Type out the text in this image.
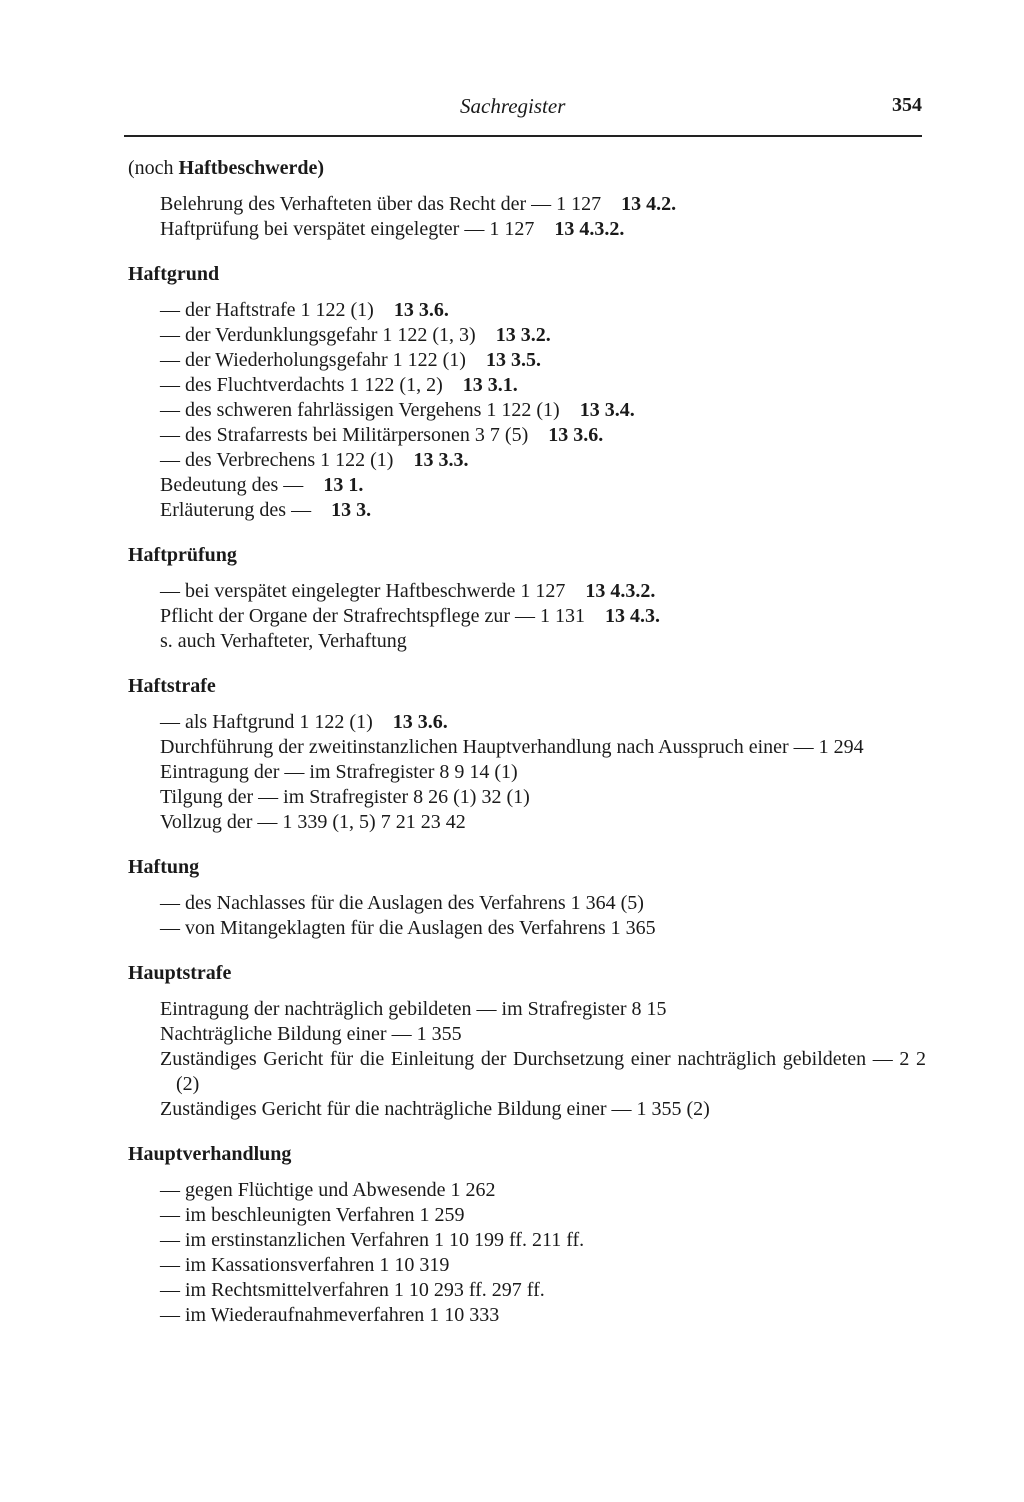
Sachregister	354
(noch Haftbeschwerde)
Belehrung des Verhafteten über das Recht der — 1 127  13 4.2.
Haftprüfung bei verspätet eingelegter — 1 127  13 4.3.2.
Haftgrund
— der Haftstrafe 1 122 (1)  13 3.6.
— der Verdunklungsgefahr 1 122 (1, 3)  13 3.2.
— der Wiederholungsgefahr 1 122 (1)  13 3.5.
— des Fluchtverdachts 1 122 (1, 2)  13 3.1.
— des schweren fahrlässigen Vergehens 1 122 (1)  13 3.4.
— des Strafarrests bei Militärpersonen 3 7 (5)  13 3.6.
— des Verbrechens 1 122 (1)  13 3.3.
Bedeutung des —  13 1.
Erläuterung des —  13 3.
Haftprüfung
— bei verspätet eingelegter Haftbeschwerde 1 127  13 4.3.2.
Pflicht der Organe der Strafrechtspflege zur — 1 131  13 4.3.
s. auch Verhafteter, Verhaftung
Haftstrafe
— als Haftgrund 1 122 (1)  13 3.6.
Durchführung der zweitinstanzlichen Hauptverhandlung nach Ausspruch einer — 1 294
Eintragung der — im Strafregister 8 9 14 (1)
Tilgung der — im Strafregister 8 26 (1) 32 (1)
Vollzug der — 1 339 (1, 5) 7 21 23 42
Haftung
— des Nachlasses für die Auslagen des Verfahrens 1 364 (5)
— von Mitangeklagten für die Auslagen des Verfahrens 1 365
Hauptstrafe
Eintragung der nachträglich gebildeten — im Strafregister 8 15
Nachträgliche Bildung einer — 1 355
Zuständiges Gericht für die Einleitung der Durchsetzung einer nachträglich gebildeten — 2 2 (2)
Zuständiges Gericht für die nachträgliche Bildung einer — 1 355 (2)
Hauptverhandlung
— gegen Flüchtige und Abwesende 1 262
— im beschleunigten Verfahren 1 259
— im erstinstanzlichen Verfahren 1 10 199 ff. 211 ff.
— im Kassationsverfahren 1 10 319
— im Rechtsmittelverfahren 1 10 293 ff. 297 ff.
— im Wiederaufnahmeverfahren 1 10 333
